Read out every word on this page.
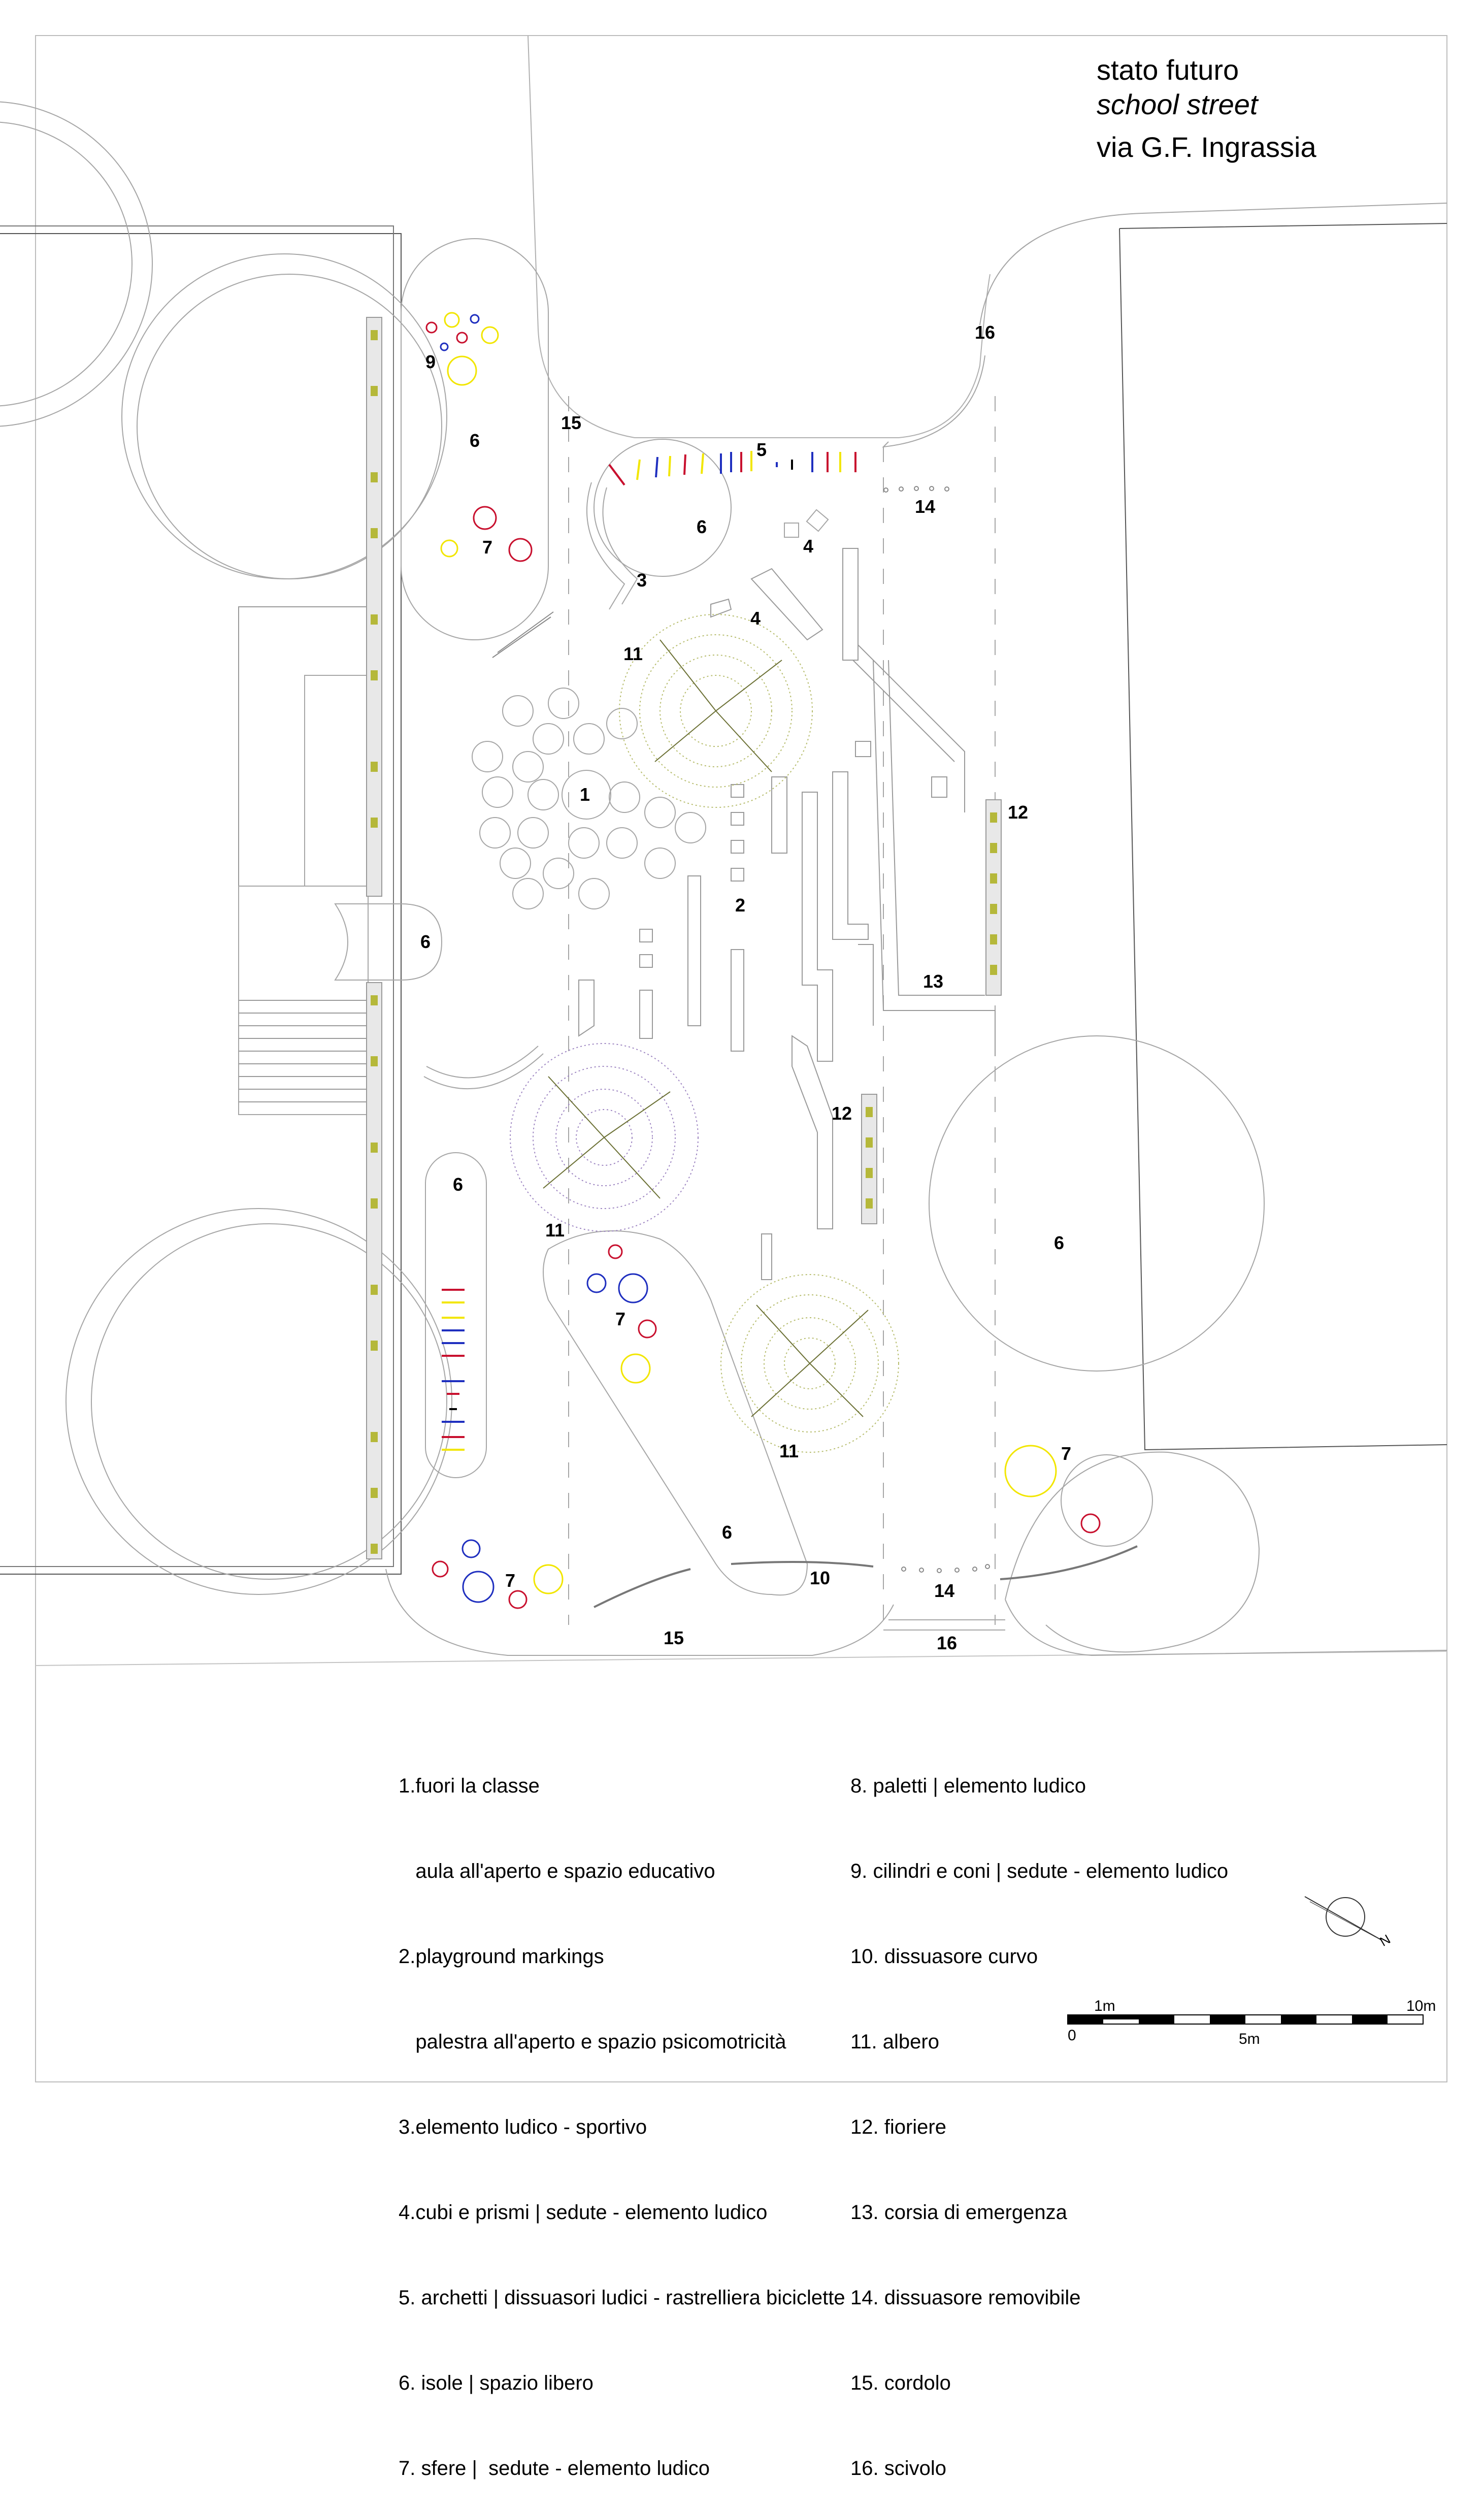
1
2
3
4
4
5
6
6
6
6
6
6
7
7
7
7
9
10
11
11
11
12
12
13
14
14
15
15
16
16
N
1m	10m
0	5m
stato futuro
school street
via G.F. Ingrassia

1.fuori la classe

aula all'aperto e spazio educativo

2.playground markings

palestra all'aperto e spazio psicomotricità

3.elemento ludico - sportivo

4.cubi e prismi | sedute - elemento ludico

5. archetti | dissuasori ludici - rastrelliera biciclette

6. isole | spazio libero

7. sfere |  sedute - elemento ludico

8. paletti | elemento ludico

9. cilindri e coni | sedute - elemento ludico

10. dissuasore curvo

11. albero

12. fioriere

13. corsia di emergenza

14. dissuasore removibile

15. cordolo

16. scivolo
